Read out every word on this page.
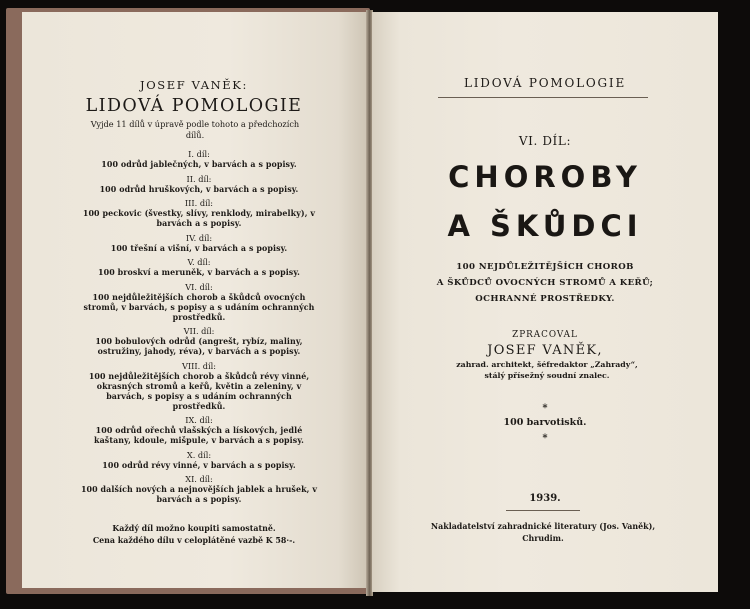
JOSEF VANĚK:
LIDOVÁ POMOLOGIE
Vyjde 11 dílů v úpravě podle tohoto a předchozích dílů.
I. díl:
100 odrůd jablečných, v barvách a s popisy.
II. díl:
100 odrůd hruškových, v barvách a s popisy.
III. díl:
100 peckovic (švestky, slívy, renklody, mirabelky), v barvách a s popisy.
IV. díl:
100 třešní a višní, v barvách a s popisy.
V. díl:
100 broskví a meruněk, v barvách a s popisy.
VI. díl:
100 nejdůležitějších chorob a škůdců ovocných stromů, v barvách, s popisy a s udáním ochranných prostředků.
VII. díl:
100 bobulových odrůd (angrešt, rybíz, maliny, ostružiny, jahody, réva), v barvách a s popisy.
VIII. díl:
100 nejdůležitějších chorob a škůdců révy vinné, okrasných stromů a keřů, květin a zeleniny, v barvách, s popisy a s udáním ochranných prostředků.
IX. díl:
100 odrůd ořechů vlašských a lískových, jedlé kaštany, kdoule, mišpule, v barvách a s popisy.
X. díl:
100 odrůd révy vinné, v barvách a s popisy.
XI. díl:
100 dalších nových a nejnovějších jablek a hrušek, v barvách a s popisy.
Každý díl možno koupiti samostatně.
Cena každého dílu v celoplátěné vazbě K 58·-.
LIDOVÁ POMOLOGIE
VI. DÍL:
CHOROBY
A ŠKŮDCI
100 NEJDŮLEŽITĚJŠÍCH CHOROB
A ŠKŮDCŮ OVOCNÝCH STROMŮ A KEŘŮ;
OCHRANNÉ PROSTŘEDKY.
ZPRACOVAL
JOSEF VANĚK,
zahrad. architekt, šéfredaktor „Zahrady“,
stálý přísežný soudní znalec.
*
100 barvotisků.
*
1939.
Nakladatelství zahradnické literatury (Jos. Vaněk),
Chrudim.
